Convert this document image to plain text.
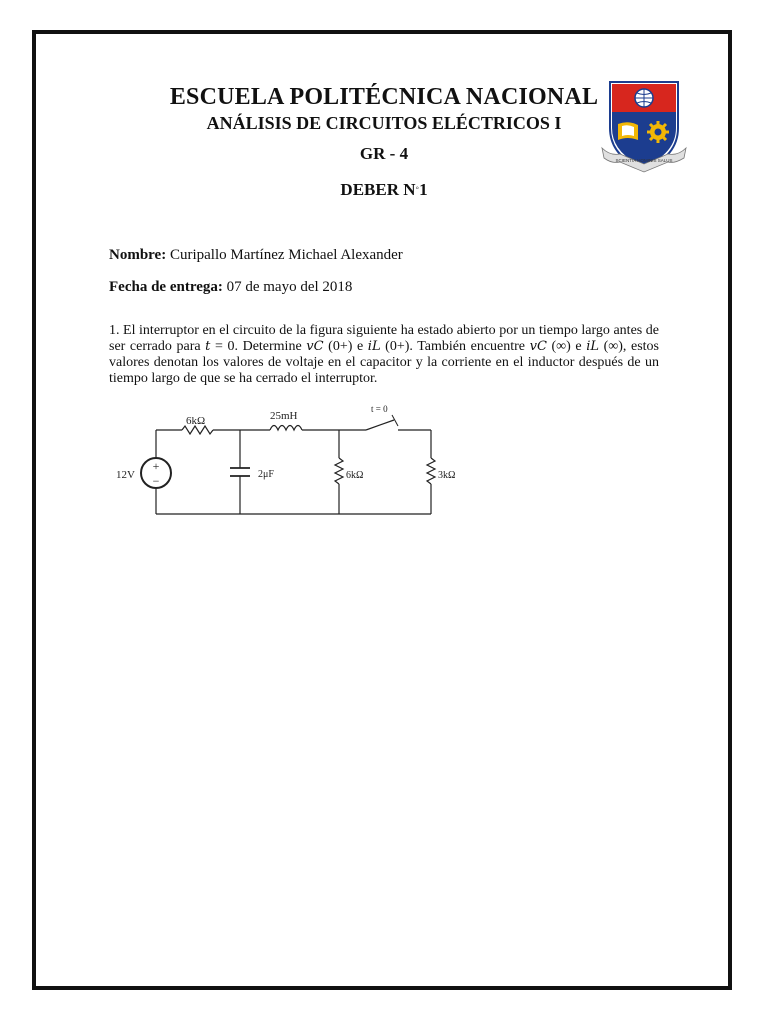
ESCUELA POLITÉCNICA NACIONAL
ANÁLISIS DE CIRCUITOS ELÉCTRICOS I
GR - 4
DEBER N◦1
SCIENTIA HOMINIS SALUS
Nombre: Curipallo Martínez Michael Alexander
Fecha de entrega: 07 de mayo del 2018
1. El interruptor en el circuito de la figura siguiente ha estado abierto por un tiempo largo antes de ser cerrado para t = 0. Determine vC (0+) e iL (0+). También encuentre vC (∞) e iL (∞), estos valores denotan los valores de voltaje en el capacitor y la corriente en el inductor después de un tiempo largo de que se ha cerrado el interruptor.
+
−
12V
6kΩ	25mH
2μF	6kΩ	3kΩ
t = 0
